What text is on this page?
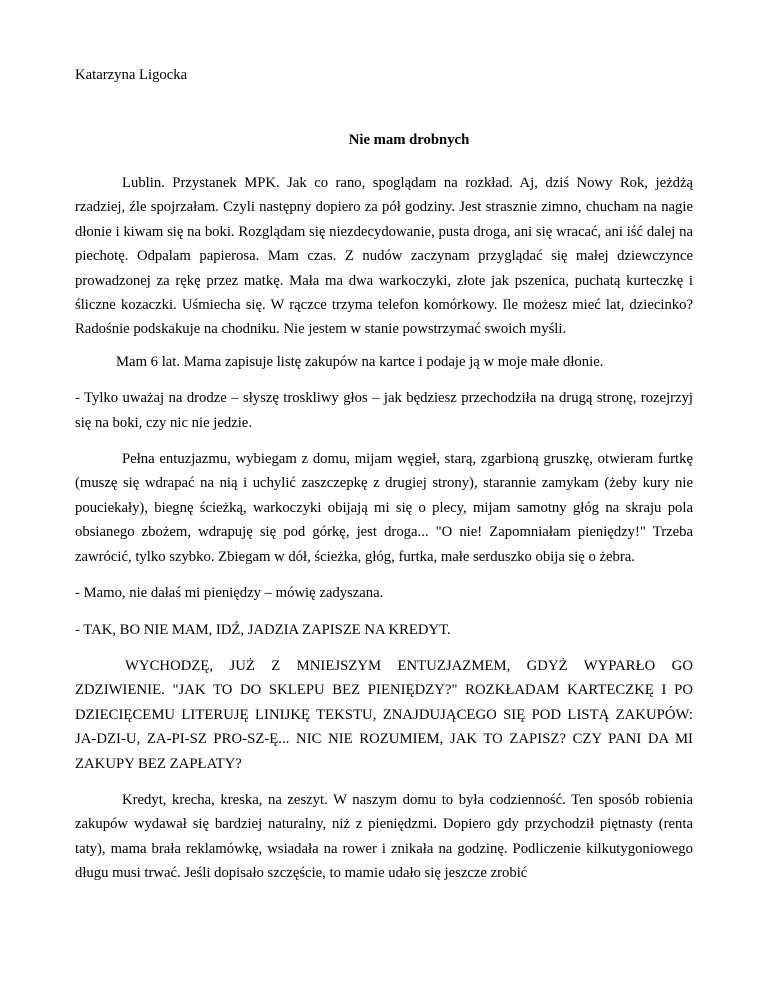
Katarzyna Ligocka

Nie mam drobnych

Lublin. Przystanek MPK. Jak co rano, spoglądam na rozkład. Aj, dziś Nowy Rok, jeżdżą rzadziej, źle spojrzałam. Czyli następny dopiero za pół godziny. Jest strasznie zimno, chucham na nagie dłonie i kiwam się na boki. Rozglądam się niezdecydowanie, pusta droga, ani się wracać, ani iść dalej na piechotę. Odpalam papierosa. Mam czas. Z nudów zaczynam przyglądać się małej dziewczynce prowadzonej za rękę przez matkę. Mała ma dwa warkoczyki, złote jak pszenica, puchatą kurteczkę i śliczne kozaczki. Uśmiecha się. W rączce trzyma telefon komórkowy. Ile możesz mieć lat, dziecinko? Radośnie podskakuje na chodniku. Nie jestem w stanie powstrzymać swoich myśli.

Mam 6 lat. Mama zapisuje listę zakupów na kartce i podaje ją w moje małe dłonie.

- Tylko uważaj na drodze – słyszę troskliwy głos – jak będziesz przechodziła na drugą stronę, rozejrzyj się na boki, czy nic nie jedzie.

Pełna entuzjazmu, wybiegam z domu, mijam węgieł, starą, zgarbioną gruszkę, otwieram furtkę (muszę się wdrapać na nią i uchylić zaszczepkę z drugiej strony), starannie zamykam (żeby kury nie pouciekały), biegnę ścieżką, warkoczyki obijają mi się o plecy, mijam samotny głóg na skraju pola obsianego zbożem, wdrapuję się pod górkę, jest droga... "O nie! Zapomniałam pieniędzy!" Trzeba zawrócić, tylko szybko. Zbiegam w dół, ścieżka, głóg, furtka, małe serduszko obija się o żebra.

- Mamo, nie dałaś mi pieniędzy – mówię zadyszana.

- TAK, BO NIE MAM, IDŹ, JADZIA ZAPISZE NA KREDYT.

WYCHODZĘ, JUŻ Z MNIEJSZYM ENTUZJAZMEM, GDYŻ WYPARŁO GO ZDZIWIENIE. "JAK TO DO SKLEPU BEZ PIENIĘDZY?" ROZKŁADAM KARTECZKĘ I PO DZIECIĘCEMU LITERUJĘ LINIJKĘ TEKSTU, ZNAJDUJĄCEGO SIĘ POD LISTĄ ZAKUPÓW: JA-DZI-U, ZA-PI-SZ PRO-SZ-Ę... NIC NIE ROZUMIEM, JAK TO ZAPISZ? CZY PANI DA MI ZAKUPY BEZ ZAPŁATY?

Kredyt, krecha, kreska, na zeszyt. W naszym domu to była codzienność. Ten sposób robienia zakupów wydawał się bardziej naturalny, niż z pieniędzmi. Dopiero gdy przychodził piętnasty (renta taty), mama brała reklamówkę, wsiadała na rower i znikała na godzinę. Podliczenie kilkutygoniowego długu musi trwać. Jeśli dopisało szczęście, to mamie udało się jeszcze zrobić
